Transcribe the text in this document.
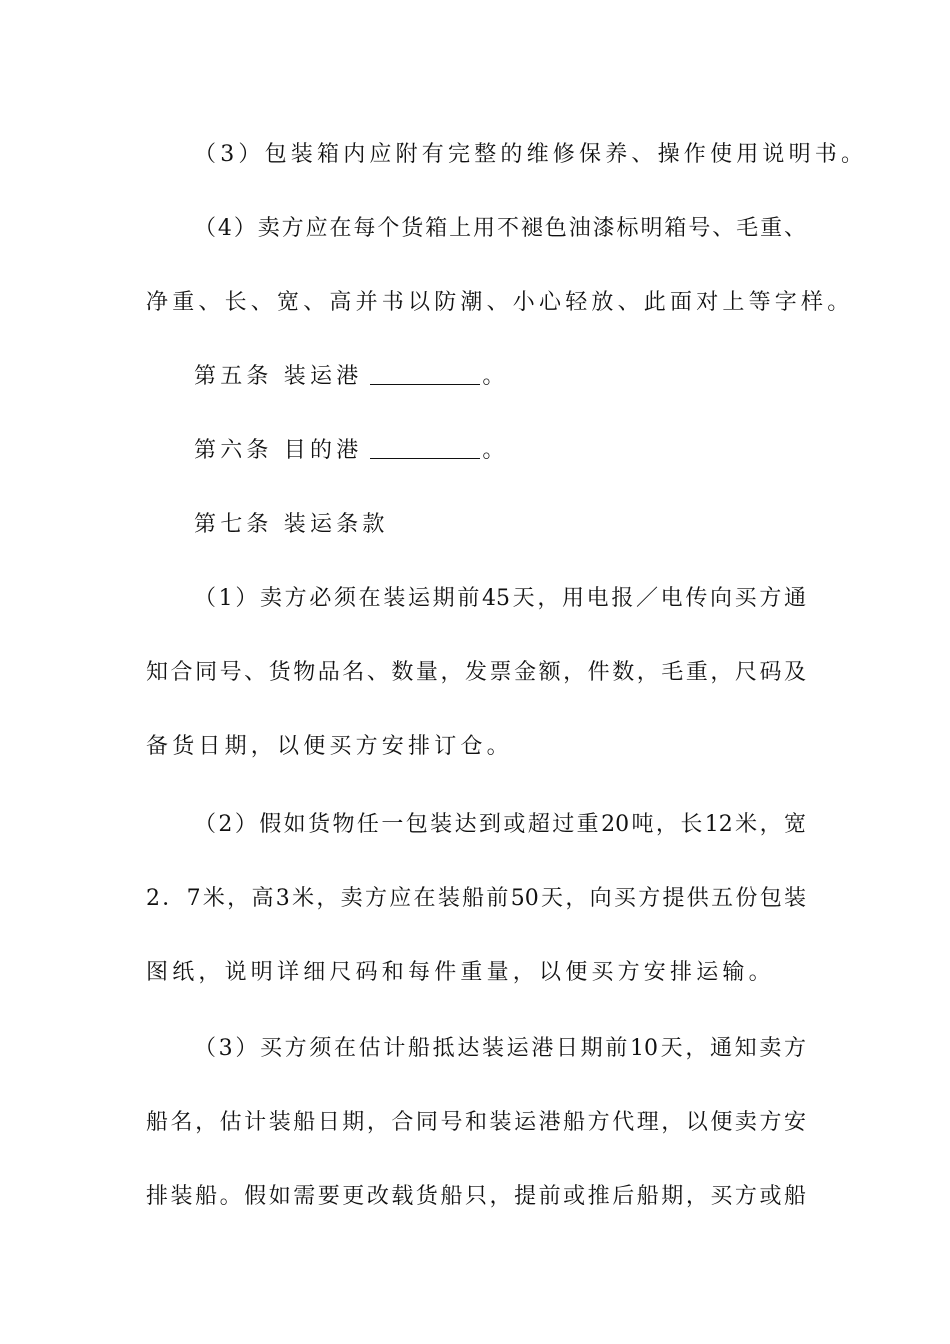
（3）包装箱内应附有完整的维修保养、操作使用说明书。
（4）卖方应在每个货箱上用不褪色油漆标明箱号、毛重、
净重、长、宽、高并书以防潮、小心轻放、此面对上等字样。
第五条 装运港	。
第六条 目的港	。
第七条 装运条款
（1）卖方必须在装运期前45天，用电报／电传向买方通
知合同号、货物品名、数量，发票金额，件数，毛重，尺码及
备货日期，以便买方安排订仓。
（2）假如货物任一包装达到或超过重20吨，长12米，宽
2．7米，高3米，卖方应在装船前50天，向买方提供五份包装
图纸，说明详细尺码和每件重量，以便买方安排运输。
（3）买方须在估计船抵达装运港日期前10天，通知卖方
船名，估计装船日期，合同号和装运港船方代理，以便卖方安
排装船。假如需要更改载货船只，提前或推后船期，买方或船
